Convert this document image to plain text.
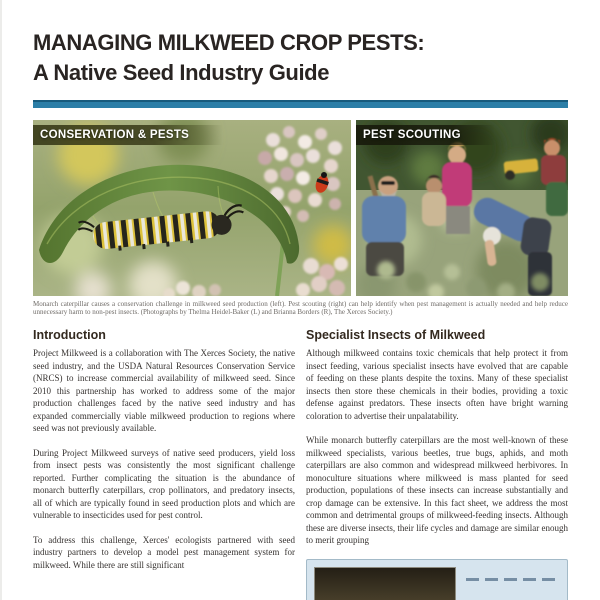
MANAGING MILKWEED CROP PESTS:
A Native Seed Industry Guide
CONSERVATION & PESTS	PEST SCOUTING

Monarch caterpillar causes a conservation challenge in milkweed seed production (left). Pest scouting (right) can help identify when pest management is actually needed and help reduce unnecessary harm to non-pest insects. (Photographs by Thelma Heidel-Baker (L) and Brianna Borders (R), The Xerces Society.)

Introduction

Project Milkweed is a collaboration with The Xerces Society, the native seed industry, and the USDA Natural Resources Conservation Service (NRCS) to increase commercial availability of milkweed seed. Since 2010 this partnership has worked to address some of the major production challenges faced by the native seed industry and has expanded commercially viable milkweed production to regions where seed was not previously available.

During Project Milkweed surveys of native seed producers, yield loss from insect pests was consistently the most significant challenge reported. Further complicating the situation is the abundance of monarch butterfly caterpillars, crop pollinators, and predatory insects, all of which are typically found in seed production plots and which are vulnerable to insecticides used for pest control.

To address this challenge, Xerces' ecologists partnered with seed industry partners to develop a model pest management system for milkweed. While there are still significant

Specialist Insects of Milkweed

Although milkweed contains toxic chemicals that help protect it from insect feeding, various specialist insects have evolved that are capable of feeding on these plants despite the toxins. Many of these specialist insects then store these chemicals in their bodies, providing a toxic defense against predators. These insects often have bright warning coloration to advertise their unpalatability.

While monarch butterfly caterpillars are the most well-known of these milkweed specialists, various beetles, true bugs, aphids, and moth caterpillars are also common and widespread milkweed herbivores. In monoculture situations where milkweed is mass planted for seed production, populations of these insects can increase substantially and crop damage can be extensive. In this fact sheet, we address the most common and detrimental groups of milkweed-feeding insects. Although these are diverse insects, their life cycles and damage are similar enough to merit grouping
